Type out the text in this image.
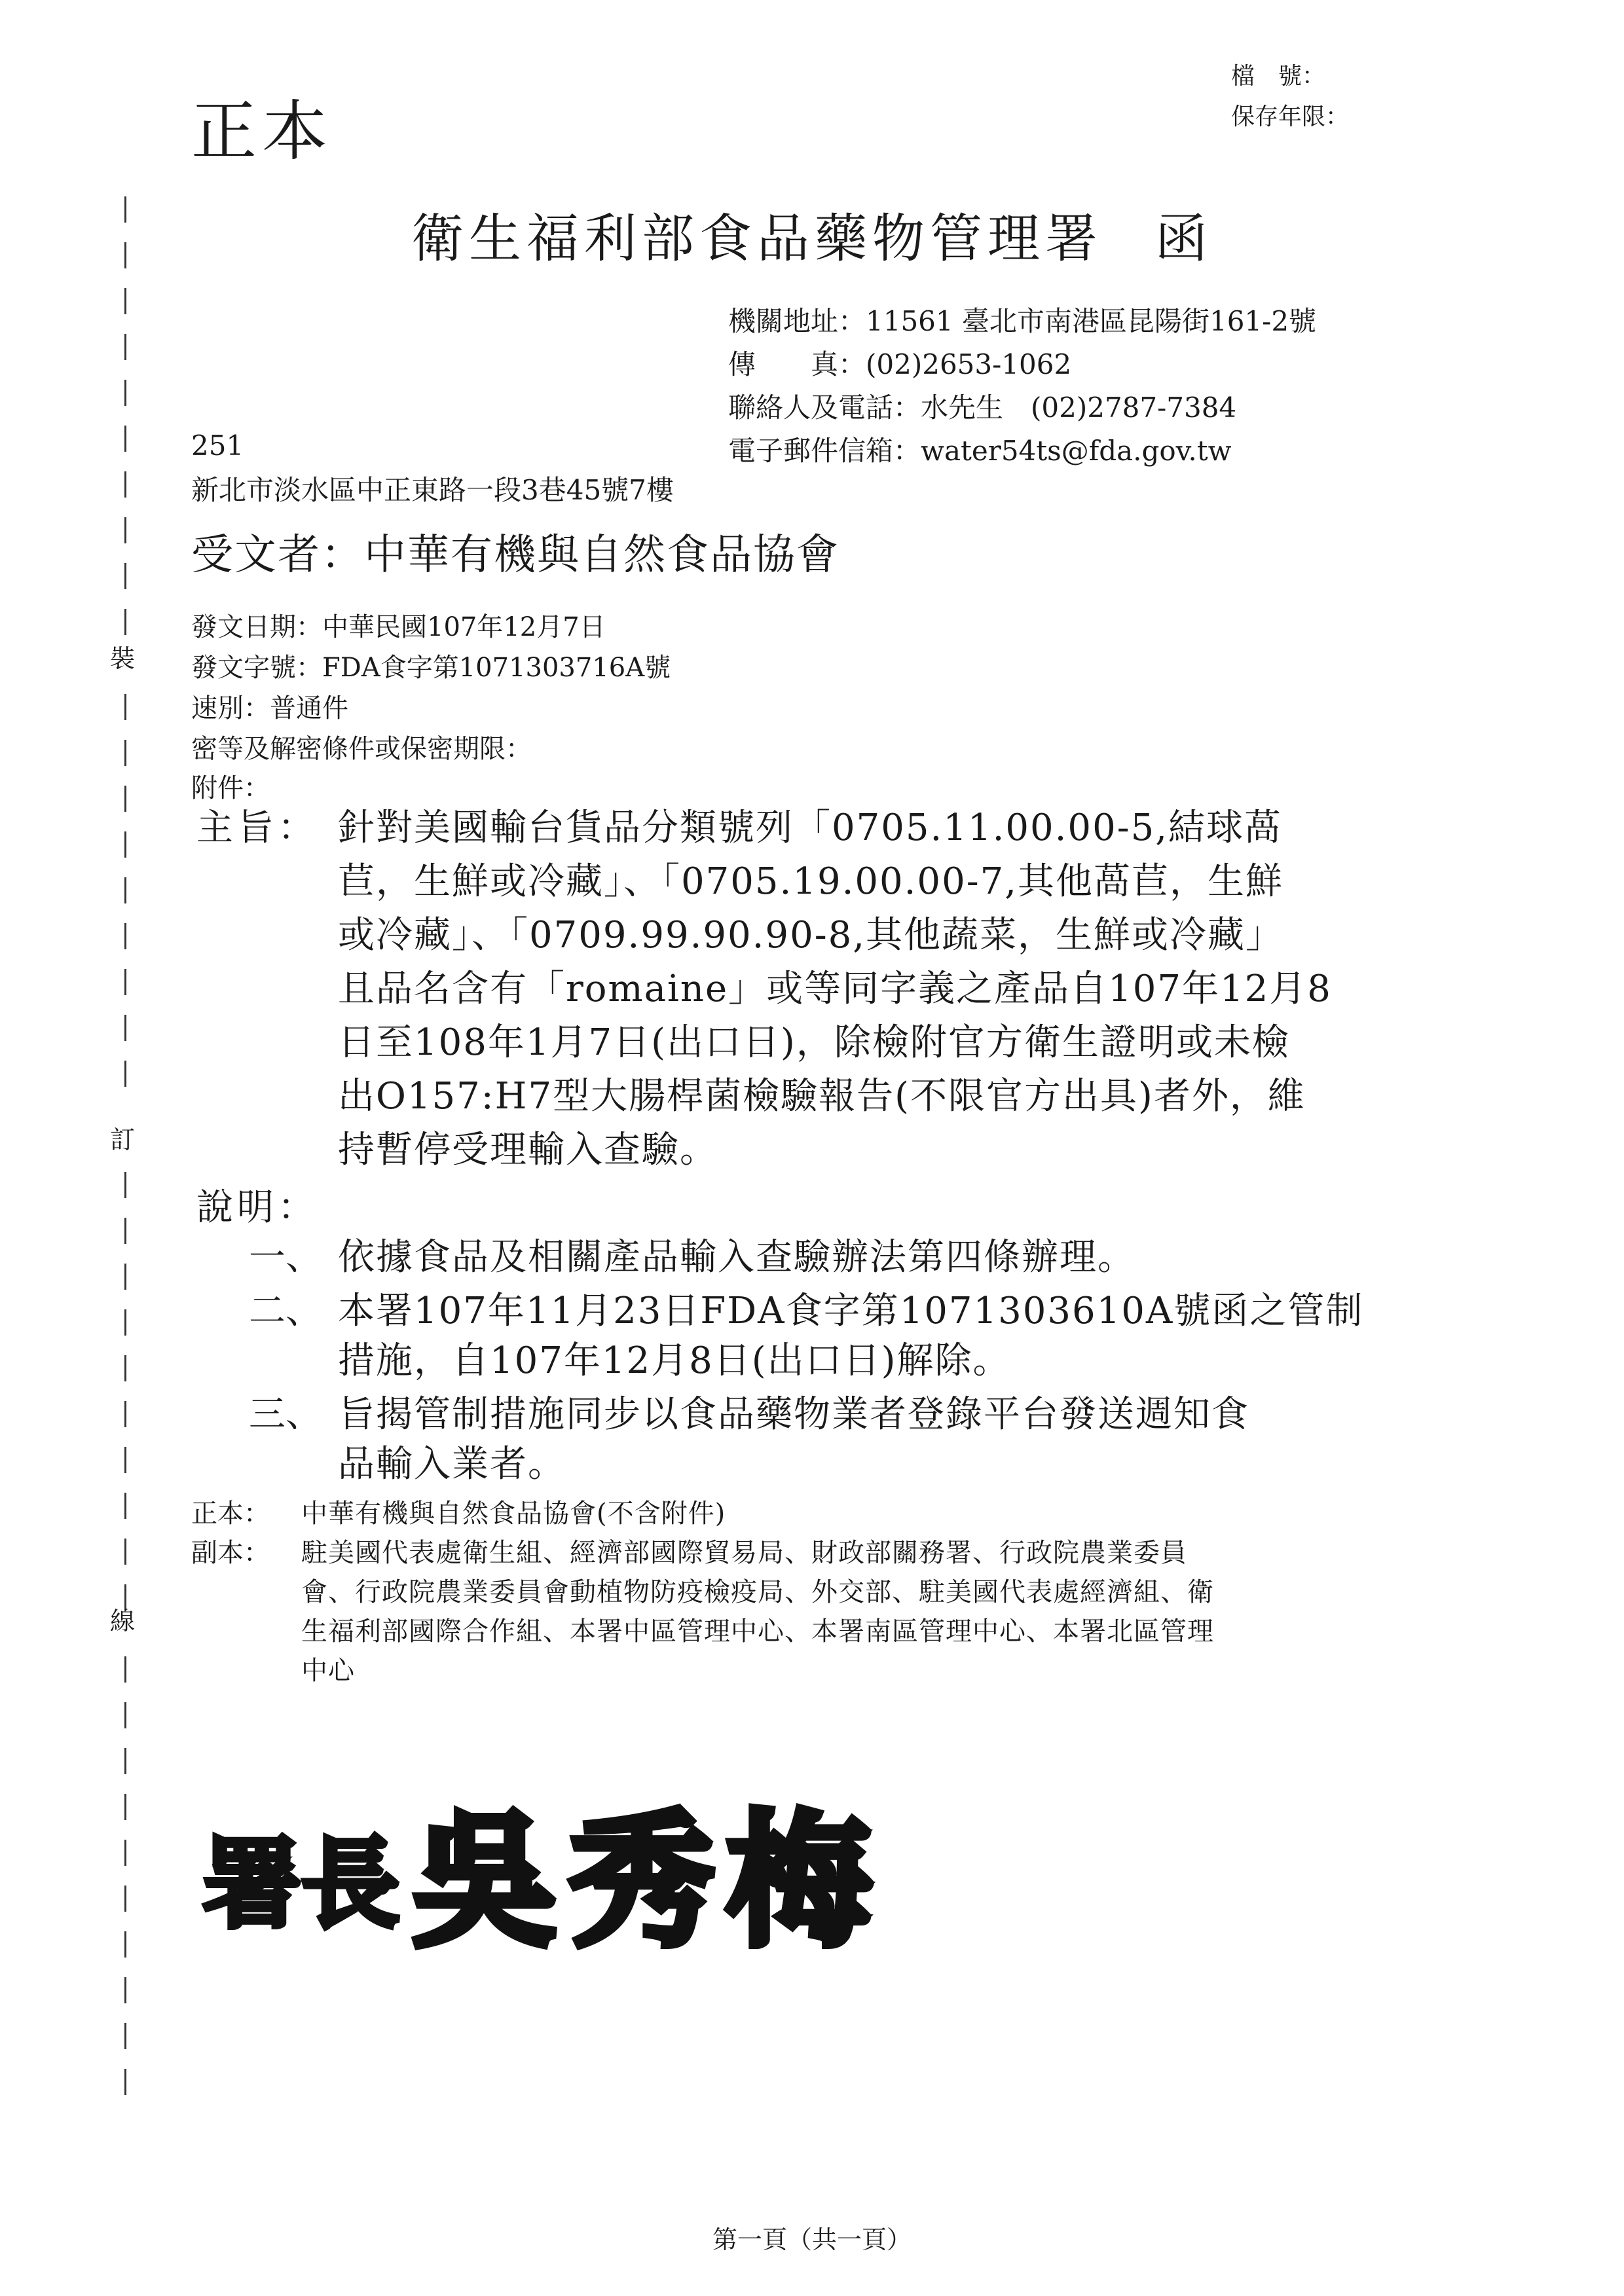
正本
檔　號：
保存年限：
裝
訂
線
衛生福利部食品藥物管理署 函
機關地址：11561 臺北市南港區昆陽街161-2號
傳　　真：(02)2653-1062
聯絡人及電話：水先生　(02)2787-7384
電子郵件信箱：water54ts@fda.gov.tw
251
新北市淡水區中正東路一段3巷45號7樓
受文者：中華有機與自然食品協會
發文日期：中華民國107年12月7日
發文字號：FDA食字第1071303716A號
速別：普通件
密等及解密條件或保密期限：
附件：
主旨： 針對美國輸台貨品分類號列「0705.11.00.00-5,結球萵
苣，生鮮或冷藏」、「0705.19.00.00-7,其他萵苣，生鮮
或冷藏」、「0709.99.90.90-8,其他蔬菜，生鮮或冷藏」
且品名含有「romaine」或等同字義之產品自107年12月8
日至108年1月7日(出口日)，除檢附官方衛生證明或未檢
出O157:H7型大腸桿菌檢驗報告(不限官方出具)者外，維
持暫停受理輸入查驗。
說明：
一、 依據食品及相關產品輸入查驗辦法第四條辦理。
二、 本署107年11月23日FDA食字第1071303610A號函之管制
措施，自107年12月8日(出口日)解除。
三、 旨揭管制措施同步以食品藥物業者登錄平台發送週知食
品輸入業者。
正本： 中華有機與自然食品協會(不含附件)
副本： 駐美國代表處衛生組、經濟部國際貿易局、財政部關務署、行政院農業委員
會、行政院農業委員會動植物防疫檢疫局、外交部、駐美國代表處經濟組、衛
生福利部國際合作組、本署中區管理中心、本署南區管理中心、本署北區管理
中心
署長 吳秀梅
第一頁（共一頁）
